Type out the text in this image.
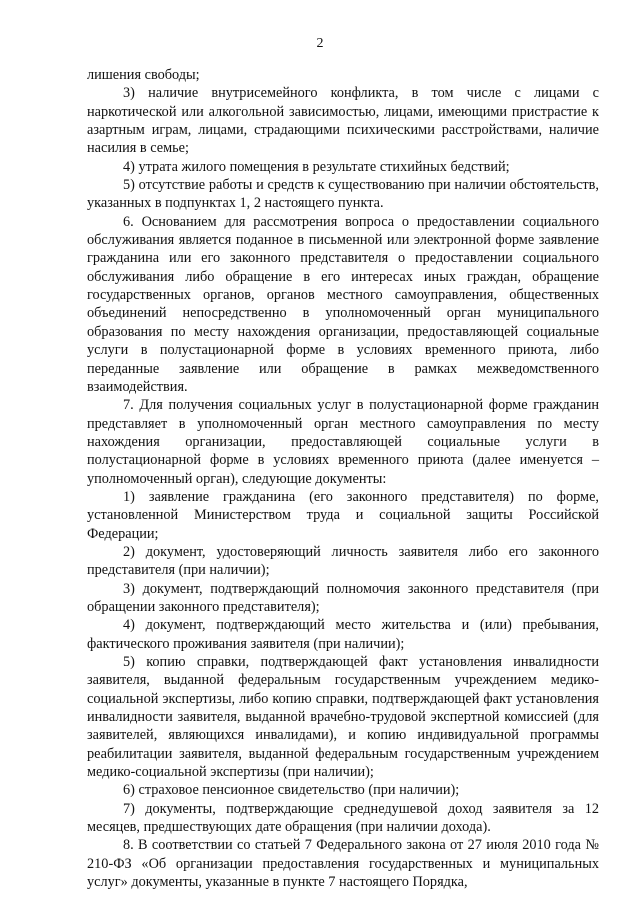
2
лишения свободы;
3) наличие внутрисемейного конфликта, в том числе с лицами с наркотической или алкогольной зависимостью, лицами, имеющими пристрастие к азартным играм, лицами, страдающими психическими расстройствами, наличие насилия в семье;
4) утрата жилого помещения в результате стихийных бедствий;
5) отсутствие работы и средств к существованию при наличии обстоятельств, указанных в подпунктах 1, 2 настоящего пункта.
6. Основанием для рассмотрения вопроса о предоставлении социального обслуживания является поданное в письменной или электронной форме заявление гражданина или его законного представителя о предоставлении социального обслуживания либо обращение в его интересах иных граждан, обращение государственных органов, органов местного самоуправления, общественных объединений непосредственно в уполномоченный орган муниципального образования по месту нахождения организации, предоставляющей социальные услуги в полустационарной форме в условиях временного приюта, либо переданные заявление или обращение в рамках межведомственного взаимодействия.
7. Для получения социальных услуг в полустационарной форме гражданин представляет в уполномоченный орган местного самоуправления по месту нахождения организации, предоставляющей социальные услуги в полустационарной форме в условиях временного приюта (далее именуется – уполномоченный орган), следующие документы:
1) заявление гражданина (его законного представителя) по форме, установленной Министерством труда и социальной защиты Российской Федерации;
2) документ, удостоверяющий личность заявителя либо его законного представителя (при наличии);
3) документ, подтверждающий полномочия законного представителя (при обращении законного представителя);
4) документ, подтверждающий место жительства и (или) пребывания, фактического проживания заявителя (при наличии);
5) копию справки, подтверждающей факт установления инвалидности заявителя, выданной федеральным государственным учреждением медико-социальной экспертизы, либо копию справки, подтверждающей факт установления инвалидности заявителя, выданной врачебно-трудовой экспертной комиссией (для заявителей, являющихся инвалидами), и копию индивидуальной программы реабилитации заявителя, выданной федеральным государственным учреждением медико-социальной экспертизы (при наличии);
6) страховое пенсионное свидетельство (при наличии);
7) документы, подтверждающие среднедушевой доход заявителя за 12 месяцев, предшествующих дате обращения (при наличии дохода).
8. В соответствии со статьей 7 Федерального закона от 27 июля 2010 года № 210-ФЗ «Об организации предоставления государственных и муниципальных услуг» документы, указанные в пункте 7 настоящего Порядка,
